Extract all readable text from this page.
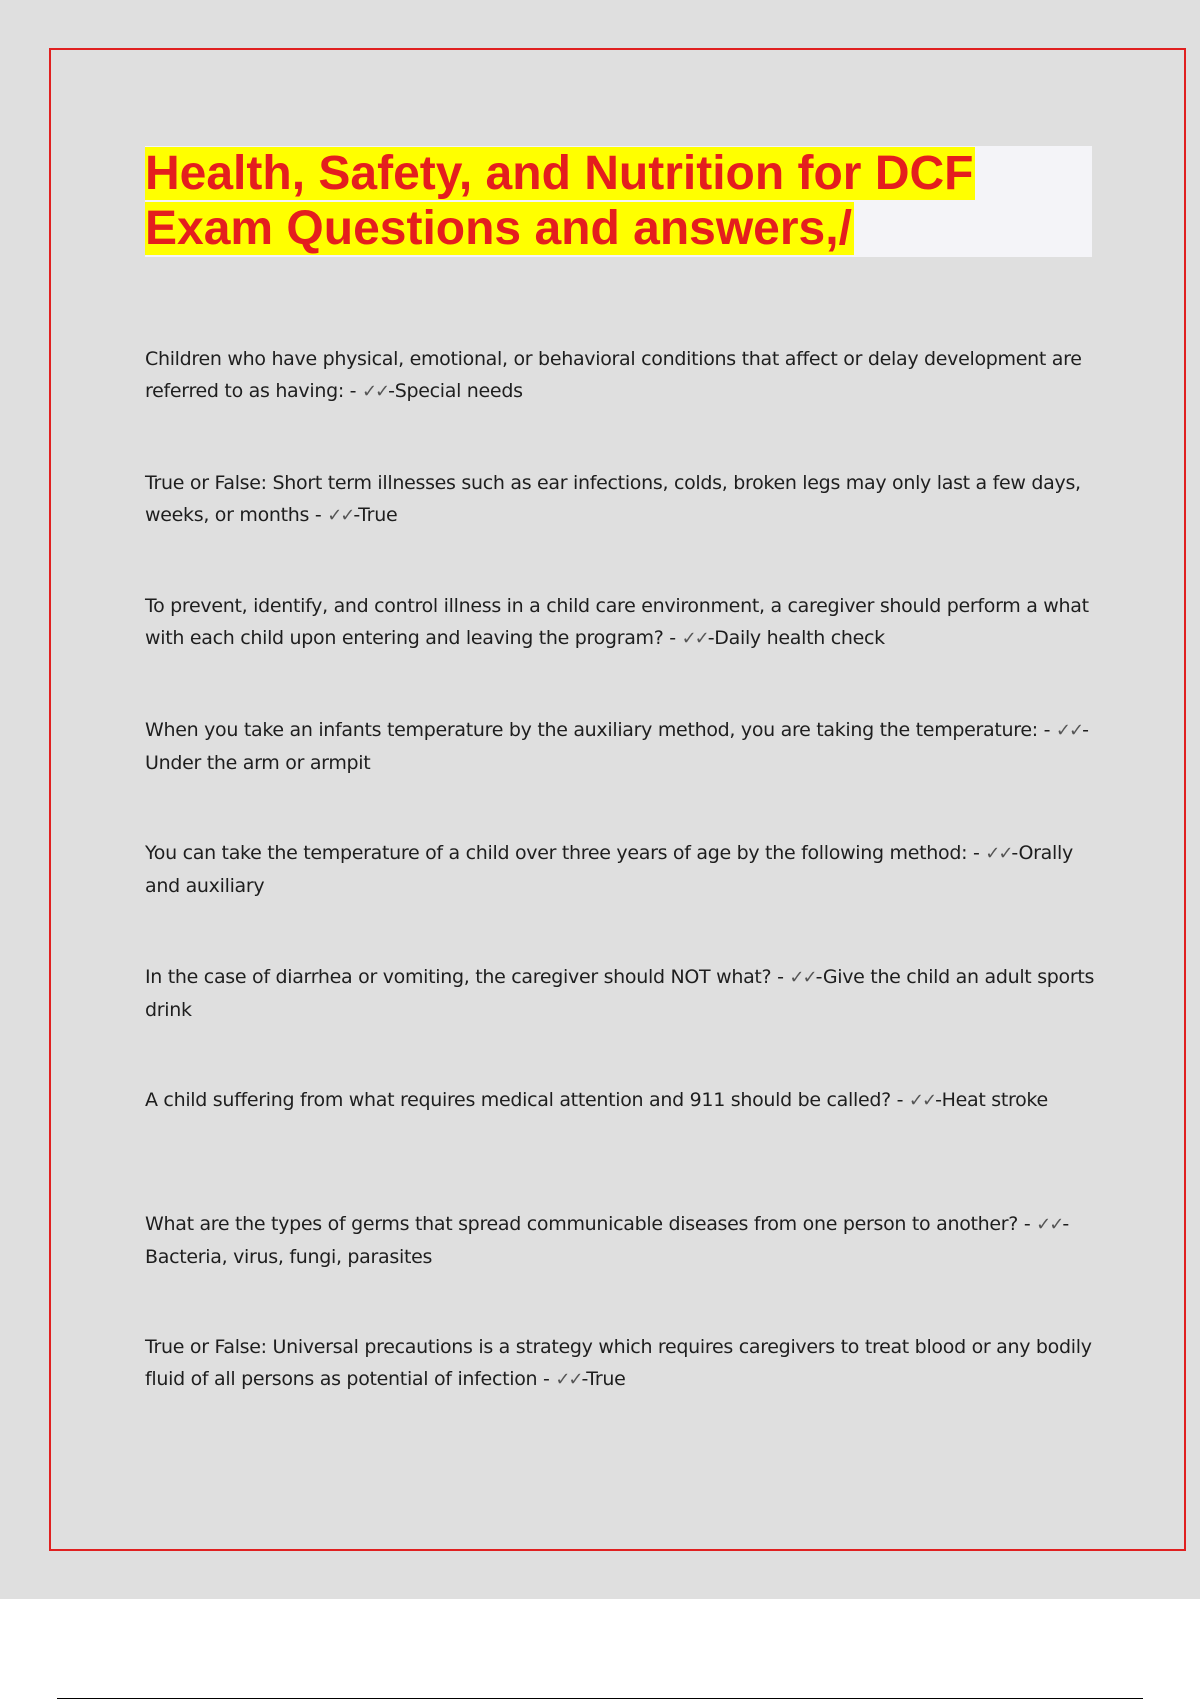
Health, Safety, and Nutrition for DCF
Exam Questions and answers,/
Children who have physical, emotional, or behavioral conditions that affect or delay development are referred to as having: - ✓✓-Special needs
True or False: Short term illnesses such as ear infections, colds, broken legs may only last a few days, weeks, or months - ✓✓-True
To prevent, identify, and control illness in a child care environment, a caregiver should perform a what with each child upon entering and leaving the program? - ✓✓-Daily health check
When you take an infants temperature by the auxiliary method, you are taking the temperature: - ✓✓-Under the arm or armpit
You can take the temperature of a child over three years of age by the following method: - ✓✓-Orally and auxiliary
In the case of diarrhea or vomiting, the caregiver should NOT what? - ✓✓-Give the child an adult sports drink
A child suffering from what requires medical attention and 911 should be called? - ✓✓-Heat stroke
What are the types of germs that spread communicable diseases from one person to another? - ✓✓-Bacteria, virus, fungi, parasites
True or False: Universal precautions is a strategy which requires caregivers to treat blood or any bodily fluid of all persons as potential of infection - ✓✓-True
